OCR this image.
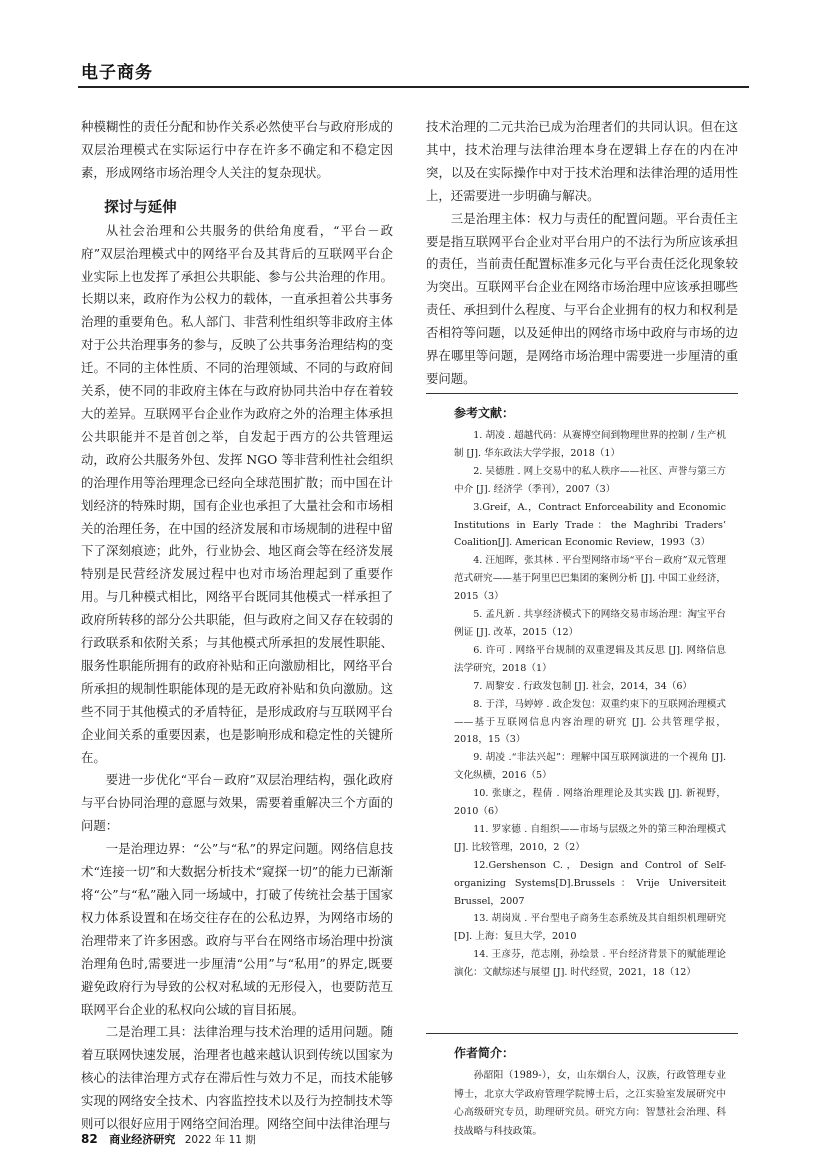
电子商务

种模糊性的责任分配和协作关系必然使平台与政府形成的双层治理模式在实际运行中存在许多不确定和不稳定因素，形成网络市场治理令人关注的复杂现状。

探讨与延伸

从社会治理和公共服务的供给角度看，“平台－政府”双层治理模式中的网络平台及其背后的互联网平台企业实际上也发挥了承担公共职能、参与公共治理的作用。长期以来，政府作为公权力的载体，一直承担着公共事务治理的重要角色。私人部门、非营利性组织等非政府主体对于公共治理事务的参与，反映了公共事务治理结构的变迁。不同的主体性质、不同的治理领域、不同的与政府间关系，使不同的非政府主体在与政府协同共治中存在着较大的差异。互联网平台企业作为政府之外的治理主体承担公共职能并不是首创之举，自发起于西方的公共管理运动，政府公共服务外包、发挥 NGO 等非营利性社会组织的治理作用等治理理念已经向全球范围扩散；而中国在计划经济的特殊时期，国有企业也承担了大量社会和市场相关的治理任务，在中国的经济发展和市场规制的进程中留下了深刻痕迹；此外，行业协会、地区商会等在经济发展特别是民营经济发展过程中也对市场治理起到了重要作用。与几种模式相比，网络平台既同其他模式一样承担了政府所转移的部分公共职能，但与政府之间又存在较弱的行政联系和依附关系；与其他模式所承担的发展性职能、服务性职能所拥有的政府补贴和正向激励相比，网络平台所承担的规制性职能体现的是无政府补贴和负向激励。这些不同于其他模式的矛盾特征，是形成政府与互联网平台企业间关系的重要因素，也是影响形成和稳定性的关键所在。

要进一步优化“平台－政府”双层治理结构，强化政府与平台协同治理的意愿与效果，需要着重解决三个方面的问题：

一是治理边界：“公”与“私”的界定问题。网络信息技术“连接一切”和大数据分析技术“窥探一切”的能力已渐渐将“公”与“私”融入同一场域中，打破了传统社会基于国家权力体系设置和在场交往存在的公私边界，为网络市场的治理带来了许多困惑。政府与平台在网络市场治理中扮演治理角色时,需要进一步厘清“公用”与“私用”的界定,既要避免政府行为导致的公权对私域的无形侵入，也要防范互联网平台企业的私权向公域的盲目拓展。

二是治理工具：法律治理与技术治理的适用问题。随着互联网快速发展，治理者也越来越认识到传统以国家为核心的法律治理方式存在滞后性与效力不足，而技术能够实现的网络安全技术、内容监控技术以及行为控制技术等则可以很好应用于网络空间治理。网络空间中法律治理与

技术治理的二元共治已成为治理者们的共同认识。但在这其中，技术治理与法律治理本身在逻辑上存在的内在冲突，以及在实际操作中对于技术治理和法律治理的适用性上，还需要进一步明确与解决。

三是治理主体：权力与责任的配置问题。平台责任主要是指互联网平台企业对平台用户的不法行为所应该承担的责任，当前责任配置标准多元化与平台责任泛化现象较为突出。互联网平台企业在网络市场治理中应该承担哪些责任、承担到什么程度、与平台企业拥有的权力和权利是否相符等问题，以及延伸出的网络市场中政府与市场的边界在哪里等问题，是网络市场治理中需要进一步厘清的重要问题。

参考文献：
1. 胡凌 . 超越代码：从赛博空间到物理世界的控制 / 生产机制 [J]. 华东政法大学学报，2018（1）
2. 吴德胜 . 网上交易中的私人秩序——社区、声誉与第三方中介 [J]. 经济学（季刊），2007（3）
3.Greif，A.，Contract Enforceability and Economic Institutions in Early Trade：the Maghribi Traders’ Coalition[J]. American Economic Review，1993（3）
4. 汪旭晖，张其林 . 平台型网络市场“平台－政府”双元管理范式研究——基于阿里巴巴集团的案例分析 [J]. 中国工业经济，2015（3）
5. 孟凡新 . 共享经济模式下的网络交易市场治理：淘宝平台例证 [J]. 改革，2015（12）
6. 许可 . 网络平台规制的双重逻辑及其反思 [J]. 网络信息法学研究，2018（1）
7. 周黎安 . 行政发包制 [J]. 社会，2014，34（6）
8. 于洋，马婷婷 . 政企发包：双重约束下的互联网治理模式——基于互联网信息内容治理的研究 [J]. 公共管理学报，2018，15（3）
9. 胡凌 .“非法兴起”：理解中国互联网演进的一个视角 [J]. 文化纵横，2016（5）
10. 张康之，程倩 . 网络治理理论及其实践 [J]. 新视野，2010（6）
11. 罗家德 . 自组织——市场与层级之外的第三种治理模式 [J]. 比较管理，2010，2（2）
12.Gershenson C.，Design and Control of Self-organizing Systems[D].Brussels：Vrije Universiteit Brussel，2007
13. 胡岗岚 . 平台型电子商务生态系统及其自组织机理研究 [D]. 上海：复旦大学，2010
14. 王彦芬，范志刚，孙绘景 . 平台经济背景下的赋能理论演化：文献综述与展望 [J]. 时代经贸，2021，18（12）
作者简介：

孙韶阳（1989-），女，山东烟台人，汉族，行政管理专业博士，北京大学政府管理学院博士后，之江实验室发展研究中心高级研究专员，助理研究员。研究方向：智慧社会治理、科技战略与科技政策。

82 商业经济研究 2022 年 11 期
